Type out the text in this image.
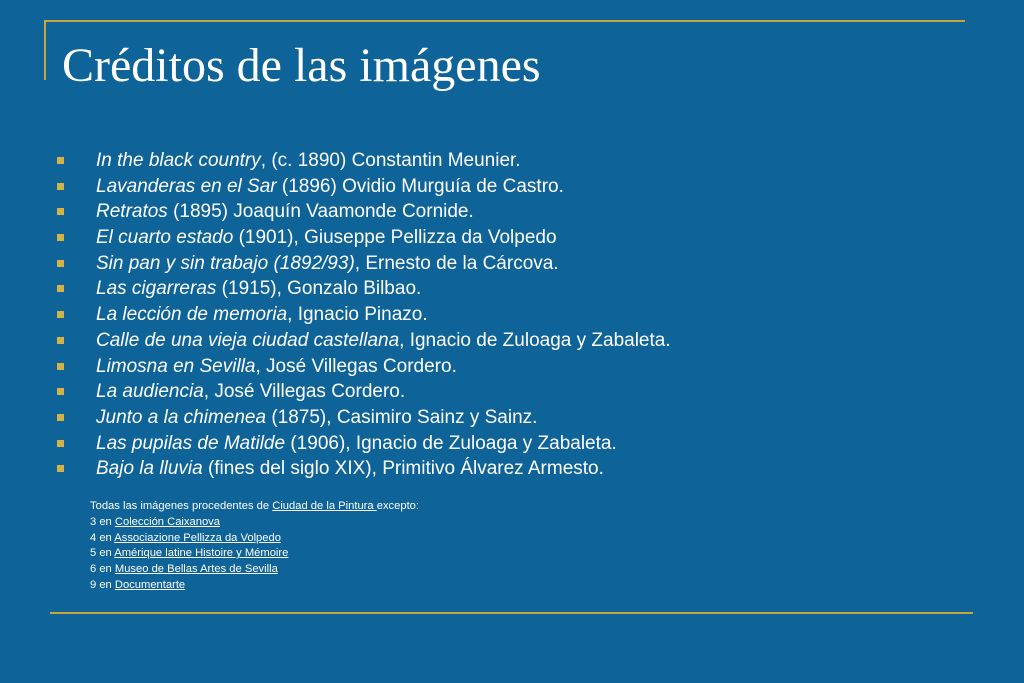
Créditos de las imágenes
In the black country, (c. 1890) Constantin Meunier.
Lavanderas en el Sar (1896) Ovidio Murguía de Castro.
Retratos (1895) Joaquín Vaamonde Cornide.
El cuarto estado (1901), Giuseppe Pellizza da Volpedo
Sin pan y sin trabajo (1892/93), Ernesto de la Cárcova.
Las cigarreras (1915), Gonzalo Bilbao.
La lección de memoria, Ignacio Pinazo.
Calle de una vieja ciudad castellana, Ignacio de Zuloaga y Zabaleta.
Limosna en Sevilla, José Villegas Cordero.
La audiencia, José Villegas Cordero.
Junto a la chimenea (1875), Casimiro Sainz y Sainz.
Las pupilas de Matilde (1906), Ignacio de Zuloaga y Zabaleta.
Bajo la lluvia (fines del siglo XIX), Primitivo Álvarez Armesto.
Todas las imágenes procedentes de Ciudad de la Pintura excepto:
3 en Colección Caixanova
4 en Associazione Pellizza da Volpedo
5 en Amérique latine Histoire y Mémoire
6 en Museo de Bellas Artes de Sevilla
9 en Documentarte
